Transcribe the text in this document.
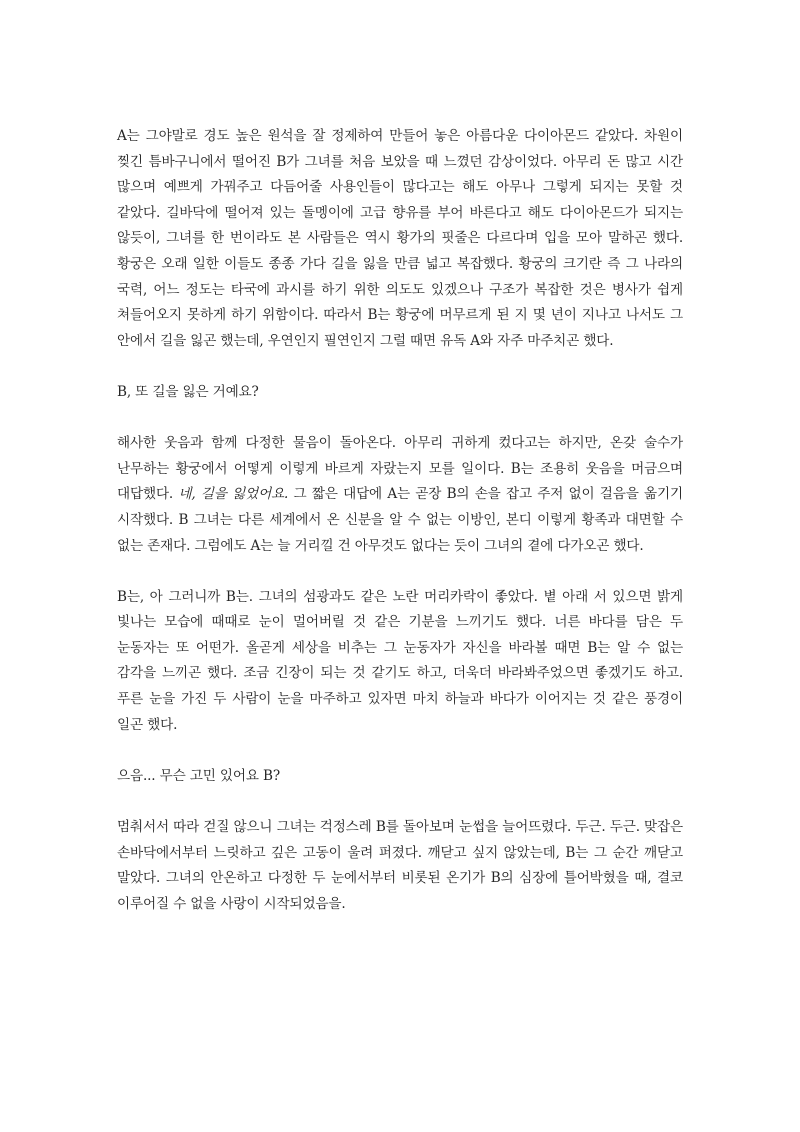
A는 그야말로 경도 높은 원석을 잘 정제하여 만들어 놓은 아름다운 다이아몬드 같았다. 차원이 찢긴 틈바구니에서 떨어진 B가 그녀를 처음 보았을 때 느꼈던 감상이었다. 아무리 돈 많고 시간 많으며 예쁘게 가꿔주고 다듬어줄 사용인들이 많다고는 해도 아무나 그렇게 되지는 못할 것 같았다. 길바닥에 떨어져 있는 돌멩이에 고급 향유를 부어 바른다고 해도 다이아몬드가 되지는 않듯이, 그녀를 한 번이라도 본 사람들은 역시 황가의 핏줄은 다르다며 입을 모아 말하곤 했다. 황궁은 오래 일한 이들도 종종 가다 길을 잃을 만큼 넓고 복잡했다. 황궁의 크기란 즉 그 나라의 국력, 어느 정도는 타국에 과시를 하기 위한 의도도 있겠으나 구조가 복잡한 것은 병사가 쉽게 쳐들어오지 못하게 하기 위함이다. 따라서 B는 황궁에 머무르게 된 지 몇 년이 지나고 나서도 그 안에서 길을 잃곤 했는데, 우연인지 필연인지 그럴 때면 유독 A와 자주 마주치곤 했다.

B, 또 길을 잃은 거예요?

해사한 웃음과 함께 다정한 물음이 돌아온다. 아무리 귀하게 컸다고는 하지만, 온갖 술수가 난무하는 황궁에서 어떻게 이렇게 바르게 자랐는지 모를 일이다. B는 조용히 웃음을 머금으며 대답했다. 네, 길을 잃었어요. 그 짧은 대답에 A는 곧장 B의 손을 잡고 주저 없이 걸음을 옮기기 시작했다. B 그녀는 다른 세계에서 온 신분을 알 수 없는 이방인, 본디 이렇게 황족과 대면할 수 없는 존재다. 그럼에도 A는 늘 거리낄 건 아무것도 없다는 듯이 그녀의 곁에 다가오곤 했다.

B는, 아 그러니까 B는. 그녀의 섬광과도 같은 노란 머리카락이 좋았다. 볕 아래 서 있으면 밝게 빛나는 모습에 때때로 눈이 멀어버릴 것 같은 기분을 느끼기도 했다. 너른 바다를 담은 두 눈동자는 또 어떤가. 올곧게 세상을 비추는 그 눈동자가 자신을 바라볼 때면 B는 알 수 없는 감각을 느끼곤 했다. 조금 긴장이 되는 것 같기도 하고, 더욱더 바라봐주었으면 좋겠기도 하고. 푸른 눈을 가진 두 사람이 눈을 마주하고 있자면 마치 하늘과 바다가 이어지는 것 같은 풍경이 일곤 했다.

으음... 무슨 고민 있어요 B?

멈춰서서 따라 걷질 않으니 그녀는 걱정스레 B를 돌아보며 눈썹을 늘어뜨렸다. 두근. 두근. 맞잡은 손바닥에서부터 느릿하고 깊은 고동이 울려 퍼졌다. 깨닫고 싶지 않았는데, B는 그 순간 깨닫고 말았다. 그녀의 안온하고 다정한 두 눈에서부터 비롯된 온기가 B의 심장에 틀어박혔을 때, 결코 이루어질 수 없을 사랑이 시작되었음을.
